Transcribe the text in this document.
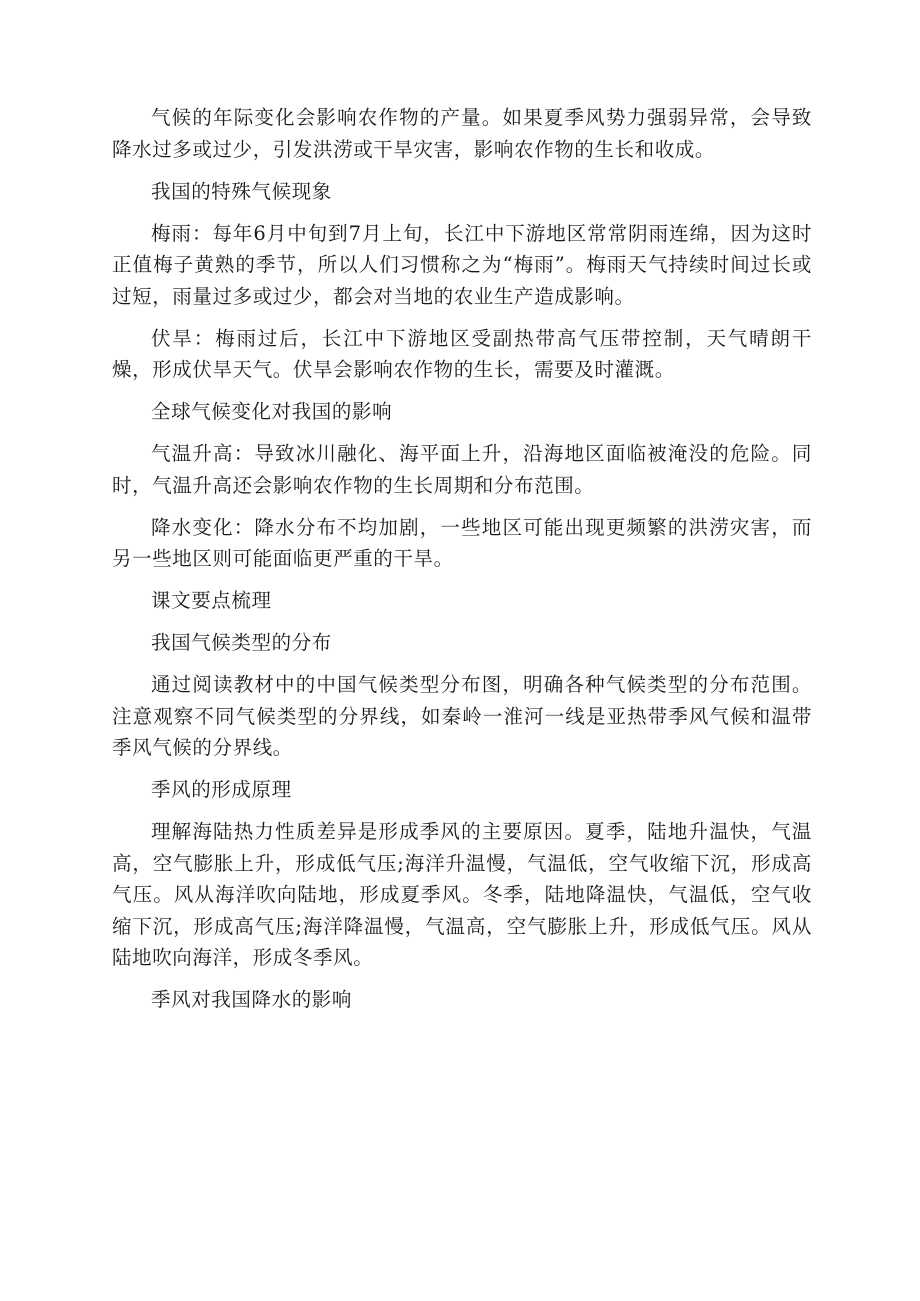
气候的年际变化会影响农作物的产量。如果夏季风势力强弱异常，会导致降水过多或过少，引发洪涝或干旱灾害，影响农作物的生长和收成。

我国的特殊气候现象

梅雨：每年6月中旬到7月上旬，长江中下游地区常常阴雨连绵，因为这时正值梅子黄熟的季节，所以人们习惯称之为“梅雨”。梅雨天气持续时间过长或过短，雨量过多或过少，都会对当地的农业生产造成影响。

伏旱：梅雨过后，长江中下游地区受副热带高气压带控制，天气晴朗干燥，形成伏旱天气。伏旱会影响农作物的生长，需要及时灌溉。

全球气候变化对我国的影响

气温升高：导致冰川融化、海平面上升，沿海地区面临被淹没的危险。同时，气温升高还会影响农作物的生长周期和分布范围。

降水变化：降水分布不均加剧，一些地区可能出现更频繁的洪涝灾害，而另一些地区则可能面临更严重的干旱。

课文要点梳理

我国气候类型的分布

通过阅读教材中的中国气候类型分布图，明确各种气候类型的分布范围。注意观察不同气候类型的分界线，如秦岭一淮河一线是亚热带季风气候和温带季风气候的分界线。

季风的形成原理

理解海陆热力性质差异是形成季风的主要原因。夏季，陆地升温快，气温高，空气膨胀上升，形成低气压;海洋升温慢，气温低，空气收缩下沉，形成高气压。风从海洋吹向陆地，形成夏季风。冬季，陆地降温快，气温低，空气收缩下沉，形成高气压;海洋降温慢，气温高，空气膨胀上升，形成低气压。风从陆地吹向海洋，形成冬季风。

季风对我国降水的影响
